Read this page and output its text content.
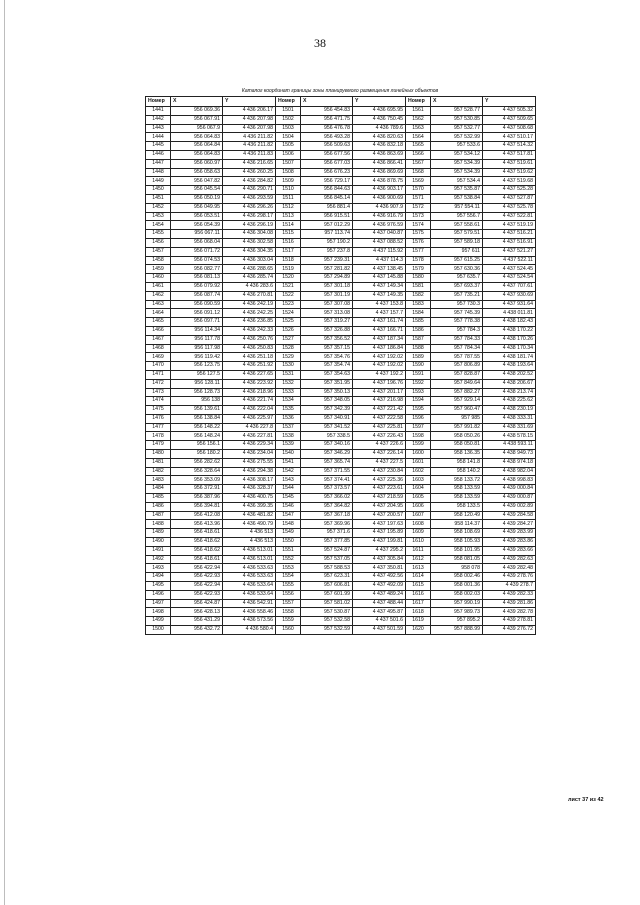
38
Каталог координат границы зоны планируемого размещения линейных объектов
Номер	X	Y	Номер	X	Y	Номер	X	Y
1441	956 069.36	4 436 206.17	1501	956 454.83	4 436 695.95	1561	957 528.77	4 437 505.32
1442	956 067.91	4 436 207.98	1502	956 471.75	4 436 750.45	1562	957 530.85	4 437 509.65
1443	956 067.9	4 436 207.98	1503	956 476.78	4 436 789.6	1563	957 532.77	4 437 508.68
1444	956 064.83	4 436 211.82	1504	956 493.28	4 436 820.63	1564	957 532.99	4 437 510.17
1445	956 064.84	4 436 211.82	1505	956 509.63	4 436 832.18	1565	957 533.6	4 437 514.32
1446	956 064.83	4 436 211.83	1506	956 677.56	4 436 863.69	1566	957 534.12	4 437 517.81
1447	956 060.97	4 436 216.65	1507	956 677.03	4 436 866.41	1567	957 534.39	4 437 519.61
1448	956 058.63	4 436 260.25	1508	956 676.23	4 436 869.69	1568	957 534.39	4 437 519.62
1449	956 047.82	4 436 284.82	1509	956 729.17	4 436 878.75	1569	957 534.4	4 437 519.68
1450	956 045.54	4 436 290.71	1510	956 844.63	4 436 903.17	1570	957 535.87	4 437 525.28
1451	956 050.19	4 436 293.59	1511	956 845.14	4 436 900.69	1571	957 538.84	4 437 527.87
1452	956 049.95	4 436 296.26	1512	956 881.4	4 436 907.9	1572	957 554.11	4 437 525.78
1453	956 053.51	4 436 298.17	1513	956 915.51	4 436 916.79	1573	957 556.7	4 437 522.81
1454	956 054.39	4 436 296.19	1514	957 012.29	4 436 976.59	1574	957 558.61	4 437 519.19
1455	956 067.11	4 436 304.08	1515	957 113.74	4 437 040.87	1575	957 579.51	4 437 516.21
1456	956 068.04	4 436 302.58	1516	957 190.2	4 437 088.52	1576	957 589.18	4 437 516.91
1457	956 071.72	4 436 304.35	1517	957 237.8	4 437 115.92	1577	957 611	4 437 521.27
1458	956 074.53	4 436 303.04	1518	957 239.31	4 437 114.3	1578	957 615.25	4 437 522.11
1459	956 082.77	4 436 288.65	1519	957 281.82	4 437 138.45	1579	957 630.36	4 437 524.45
1460	956 081.13	4 436 285.74	1520	957 294.89	4 437 145.88	1580	957 635.7	4 437 524.54
1461	956 079.92	4 436 283.6	1521	957 301.18	4 437 149.34	1581	957 693.37	4 437 707.61
1462	956 087.74	4 436 270.81	1522	957 301.19	4 437 149.35	1582	957 735.21	4 437 930.69
1463	956 090.59	4 436 242.19	1523	957 307.08	4 437 153.8	1583	957 730.3	4 437 931.64
1464	956 091.12	4 436 242.25	1524	957 313.08	4 437 157.7	1584	957 745.39	4 438 011.81
1465	956 097.71	4 436 236.85	1525	957 319.27	4 437 161.74	1585	957 778.38	4 438 182.43
1466	956 114.34	4 436 242.33	1526	957 326.88	4 437 166.71	1586	957 784.3	4 438 170.22
1467	956 117.78	4 436 250.76	1527	957 356.52	4 437 187.34	1587	957 784.33	4 438 170.26
1468	956 117.98	4 436 250.83	1528	957 357.15	4 437 186.84	1588	957 784.34	4 438 170.34
1469	956 119.42	4 436 251.18	1529	957 354.76	4 437 192.02	1589	957 787.55	4 438 181.74
1470	956 123.75	4 436 251.92	1530	957 354.74	4 437 192.02	1590	957 806.89	4 438 193.64
1471	956 127.5	4 436 227.65	1531	957 354.63	4 437 192.2	1591	957 828.87	4 438 202.52
1472	956 128.11	4 436 223.92	1532	957 351.95	4 437 196.76	1592	957 849.64	4 438 206.67
1473	956 128.73	4 436 218.96	1533	957 350.13	4 437 201.17	1593	957 882.27	4 438 213.74
1474	956 138	4 436 221.74	1534	957 348.05	4 437 216.98	1594	957 929.14	4 438 225.62
1475	956 139.61	4 436 222.04	1535	957 342.39	4 437 221.42	1595	957 960.47	4 438 230.19
1476	956 138.84	4 436 225.97	1536	957 340.91	4 437 222.58	1596	957 985	4 438 333.31
1477	956 148.22	4 436 227.8	1537	957 341.52	4 437 225.81	1597	957 991.82	4 438 331.69
1478	956 148.24	4 436 227.81	1538	957 338.5	4 437 226.43	1598	958 050.26	4 438 578.15
1479	956 156.1	4 436 229.34	1539	957 340.16	4 437 226.6	1599	958 050.81	4 438 593.11
1480	956 180.2	4 436 234.04	1540	957 346.29	4 437 226.14	1600	958 136.35	4 438 949.73
1481	956 282.62	4 436 275.55	1541	957 365.74	4 437 227.5	1601	958 141.8	4 438 974.18
1482	956 328.64	4 436 294.38	1542	957 371.55	4 437 230.84	1602	958 140.2	4 438 982.04
1483	956 353.09	4 436 308.17	1543	957 374.41	4 437 225.36	1603	958 133.72	4 438 998.83
1484	956 372.91	4 436 328.37	1544	957 373.57	4 437 223.61	1604	958 133.59	4 439 000.84
1485	956 387.96	4 436 400.75	1545	957 366.02	4 437 218.59	1605	958 133.59	4 439 000.87
1486	956 394.81	4 436 399.35	1546	957 364.82	4 437 204.95	1606	958 133.5	4 439 002.89
1487	956 412.08	4 436 481.82	1547	957 367.18	4 437 200.57	1607	958 120.49	4 439 284.58
1488	956 413.96	4 436 490.79	1548	957 369.96	4 437 197.63	1608	958 114.37	4 439 284.27
1489	956 418.61	4 436 513	1549	957 371.6	4 437 195.89	1609	958 108.69	4 439 283.99
1490	956 418.62	4 436 513	1550	957 377.85	4 437 199.81	1610	958 105.93	4 439 283.86
1491	956 418.62	4 436 513.01	1551	957 524.87	4 437 295.2	1611	958 101.95	4 439 283.66
1492	956 418.61	4 436 513.01	1552	957 537.05	4 437 305.84	1612	958 081.05	4 439 282.63
1493	956 422.94	4 436 533.63	1553	957 588.53	4 437 350.81	1613	958 078	4 439 282.48
1494	956 422.93	4 436 533.63	1554	957 623.31	4 437 492.56	1614	958 002.46	4 439 278.76
1495	956 422.94	4 436 533.64	1555	957 606.81	4 437 492.09	1615	958 001.36	4 439 278.7
1496	956 422.93	4 436 533.64	1556	957 601.99	4 437 489.24	1616	958 002.03	4 439 282.33
1497	956 424.87	4 436 542.91	1557	957 581.02	4 437 488.44	1617	957 990.19	4 439 281.86
1498	956 428.13	4 436 558.46	1558	957 530.87	4 437 495.87	1618	957 989.73	4 439 282.78
1499	956 431.29	4 436 573.56	1559	957 532.58	4 437 501.6	1619	957 895.2	4 439 278.81
1500	956 432.72	4 436 580.4	1560	957 532.59	4 437 501.59	1620	957 888.99	4 439 276.72
лист 37 из 42
